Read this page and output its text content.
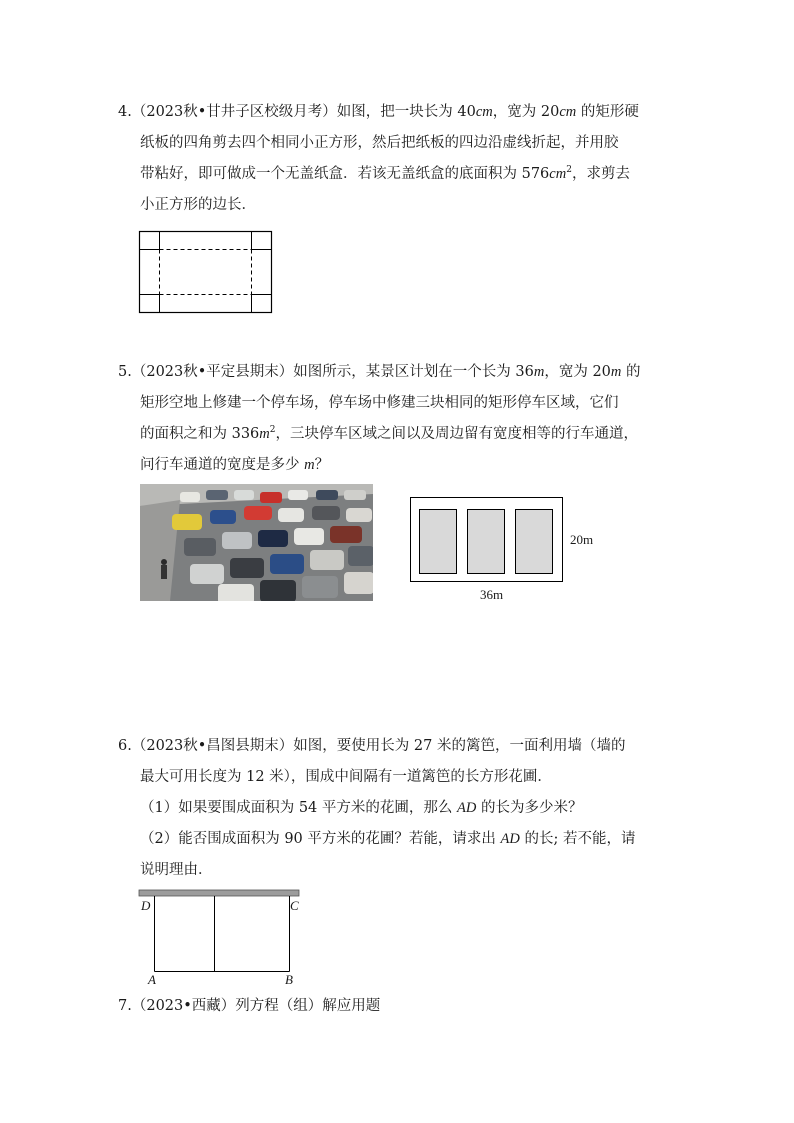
4.（2023秋•甘井子区校级月考）如图，把一块长为 40cm，宽为 20cm 的矩形硬
纸板的四角剪去四个相同小正方形，然后把纸板的四边沿虚线折起，并用胶
带粘好，即可做成一个无盖纸盒．若该无盖纸盒的底面积为 $576cm^2$，求剪去
小正方形的边长．
5.（2023秋•平定县期末）如图所示，某景区计划在一个长为 36m，宽为 20m 的
矩形空地上修建一个停车场，停车场中修建三块相同的矩形停车区域，它们
的面积之和为 $336m^2$，三块停车区域之间以及周边留有宽度相等的行车通道，
问行车通道的宽度是多少 m？
20m
36m
6.（2023秋•昌图县期末）如图，要使用长为 27 米的篱笆，一面利用墙（墙的
最大可用长度为 12 米），围成中间隔有一道篱笆的长方形花圃．
（1）如果要围成面积为 54 平方米的花圃，那么 AD 的长为多少米？
（2）能否围成面积为 90 平方米的花圃？若能，请求出 AD 的长; 若不能，请
说明理由．
D	C
A	B
7.（2023•西藏）列方程（组）解应用题
